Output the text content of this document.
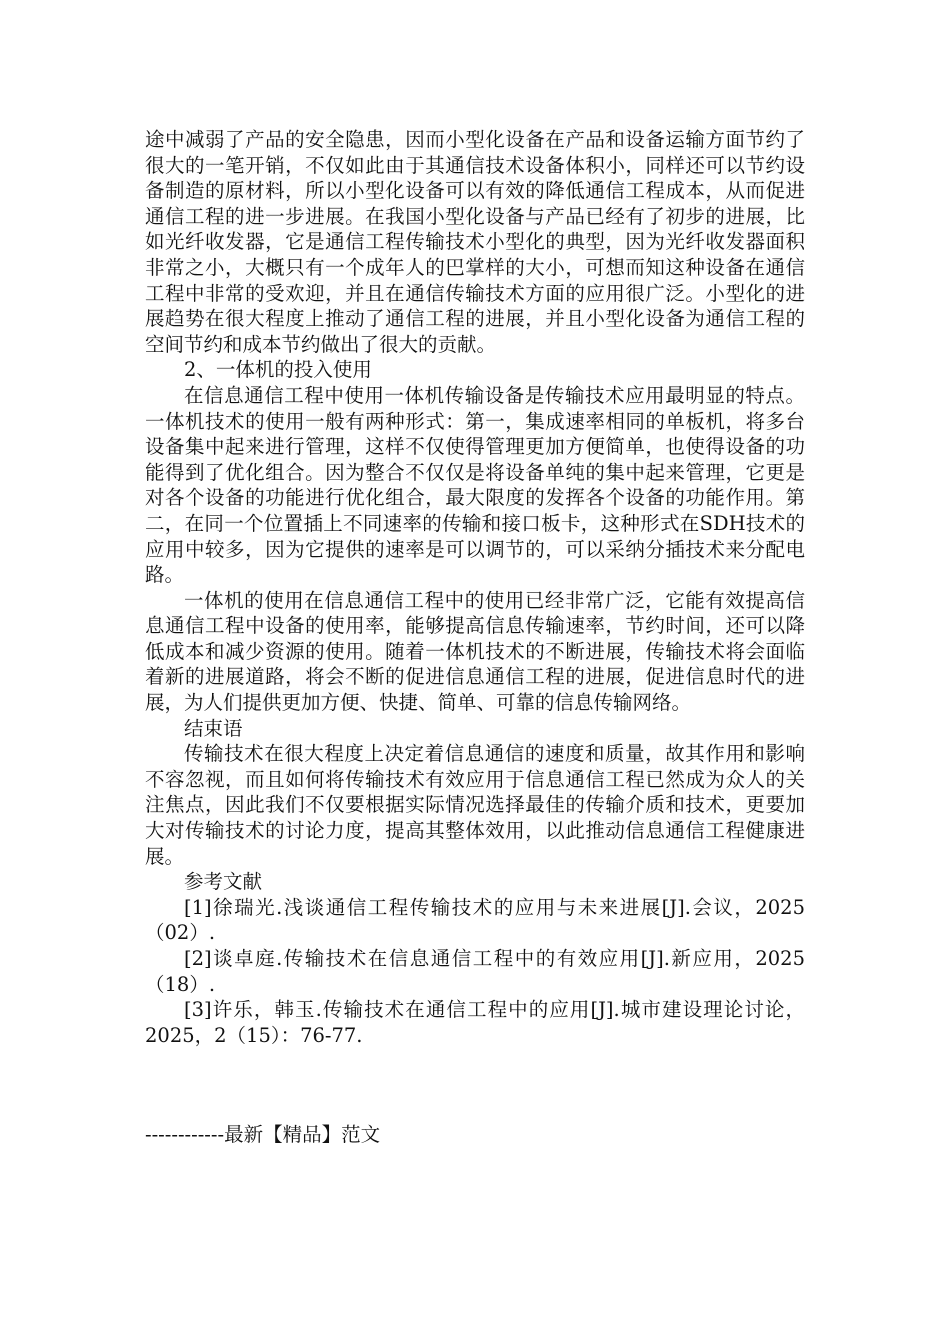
途中减弱了产品的安全隐患，因而小型化设备在产品和设备运输方面节约了很大的一笔开销，不仅如此由于其通信技术设备体积小，同样还可以节约设备制造的原材料，所以小型化设备可以有效的降低通信工程成本，从而促进通信工程的进一步进展。在我国小型化设备与产品已经有了初步的进展，比如光纤收发器，它是通信工程传输技术小型化的典型，因为光纤收发器面积非常之小，大概只有一个成年人的巴掌样的大小，可想而知这种设备在通信工程中非常的受欢迎，并且在通信传输技术方面的应用很广泛。小型化的进展趋势在很大程度上推动了通信工程的进展，并且小型化设备为通信工程的空间节约和成本节约做出了很大的贡献。

2、一体机的投入使用

在信息通信工程中使用一体机传输设备是传输技术应用最明显的特点。一体机技术的使用一般有两种形式：第一，集成速率相同的单板机，将多台设备集中起来进行管理，这样不仅使得管理更加方便简单，也使得设备的功能得到了优化组合。因为整合不仅仅是将设备单纯的集中起来管理，它更是对各个设备的功能进行优化组合，最大限度的发挥各个设备的功能作用。第二，在同一个位置插上不同速率的传输和接口板卡，这种形式在SDH技术的应用中较多，因为它提供的速率是可以调节的，可以采纳分插技术来分配电路。

一体机的使用在信息通信工程中的使用已经非常广泛，它能有效提高信息通信工程中设备的使用率，能够提高信息传输速率，节约时间，还可以降低成本和减少资源的使用。随着一体机技术的不断进展，传输技术将会面临着新的进展道路，将会不断的促进信息通信工程的进展，促进信息时代的进展，为人们提供更加方便、快捷、简单、可靠的信息传输网络。

结束语

传输技术在很大程度上决定着信息通信的速度和质量，故其作用和影响不容忽视，而且如何将传输技术有效应用于信息通信工程已然成为众人的关注焦点，因此我们不仅要根据实际情况选择最佳的传输介质和技术，更要加大对传输技术的讨论力度，提高其整体效用，以此推动信息通信工程健康进展。

参考文献

[1]徐瑞光.浅谈通信工程传输技术的应用与未来进展[J].会议，2025（02）.

[2]谈卓庭.传输技术在信息通信工程中的有效应用[J].新应用，2025（18）.

[3]许乐，韩玉.传输技术在通信工程中的应用[J].城市建设理论讨论，2025，2（15）：76-77.

------------最新【精品】范文
